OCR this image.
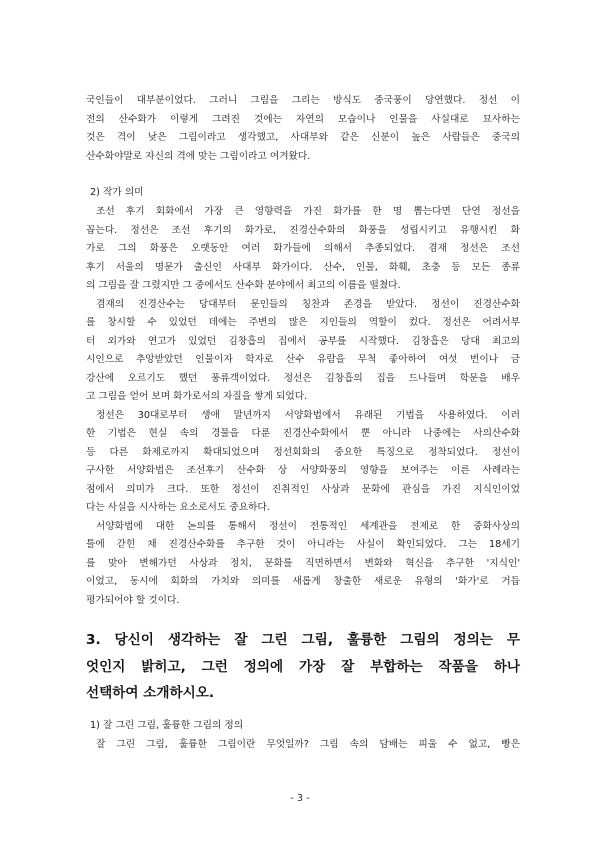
국인들이 대부분이었다. 그러니 그림을 그리는 방식도 중국풍이 당연했다. 정선 이

전의 산수화가 이렇게 그려진 것에는 자연의 모습이나 인물을 사실대로 묘사하는

것은 격이 낮은 그림이라고 생각했고, 사대부와 같은 신분이 높은 사람들은 중국의

산수화야말로 자신의 격에 맞는 그림이라고 여겨왔다.

2) 작가 의미

조선 후기 회화에서 가장 큰 영향력을 가진 화가를 한 명 뽑는다면 단연 정선을

꼽는다. 정선은 조선 후기의 화가로, 진경산수화의 화풍을 성립시키고 유행시킨 화

가로 그의 화풍은 오랫동안 여러 화가들에 의해서 추종되었다. 겸재 정선은 조선

후기 서울의 명문가 출신인 사대부 화가이다. 산수, 인물, 화훼, 초충 등 모든 종류

의 그림을 잘 그렸지만 그 중에서도 산수화 분야에서 최고의 이름을 떨쳤다.

겸재의 진경산수는 당대부터 문인들의 칭찬과 존경을 받았다. 정선이 진경산수화

를 창시할 수 있었던 데에는 주변의 많은 지인들의 역할이 컸다. 정선은 어려서부

터 외가와 연고가 있었던 김창흡의 집에서 공부를 시작했다. 김창흡은 당대 최고의

시인으로 추앙받았던 인물이자 학자로 산수 유람을 무척 좋아하여 여섯 번이나 금

강산에 오르기도 했던 풍류객이었다. 정선은 김창흡의 집을 드나들며 학문을 배우

고 그림을 얻어 보며 화가로서의 자질을 쌓게 되었다.

정선은 30대로부터 생애 말년까지 서양화법에서 유래된 기법을 사용하였다. 이러

한 기법은 현실 속의 경물을 다룬 진경산수화에서 뿐 아니라 나중에는 사의산수화

등 다른 화제로까지 확대되었으며 정선회화의 중요한 특징으로 정착되었다. 정선이

구사한 서양화법은 조선후기 산수화 상 서양화풍의 영향을 보여주는 이른 사례라는

점에서 의미가 크다. 또한 정선이 진취적인 사상과 문화에 관심을 가진 지식인이었

다는 사실을 시사하는 요소로서도 중요하다.

서양화법에 대한 논의를 통해서 정선이 전통적인 세계관을 전제로 한 중화사상의

틀에 갇힌 채 진경산수화를 추구한 것이 아니라는 사실이 확인되었다. 그는 18세기

를 맞아 변해가던 사상과 정치, 문화를 직면하면서 변화와 혁신을 추구한 '지식인'

이었고, 동시에 회화의 가치와 의미를 새롭게 창출한 새로운 유형의 '화가'로 거듭

평가되어야 할 것이다.

3. 당신이 생각하는 잘 그린 그림, 훌륭한 그림의 정의는 무

엇인지 밝히고, 그런 정의에 가장 잘 부합하는 작품을 하나

선택하여 소개하시오.

1) 잘 그린 그림, 훌륭한 그림의 정의

잘 그린 그림, 훌륭한 그림이란 무엇일까? 그림 속의 담배는 피울 수 없고, 빵은

- 3 -
